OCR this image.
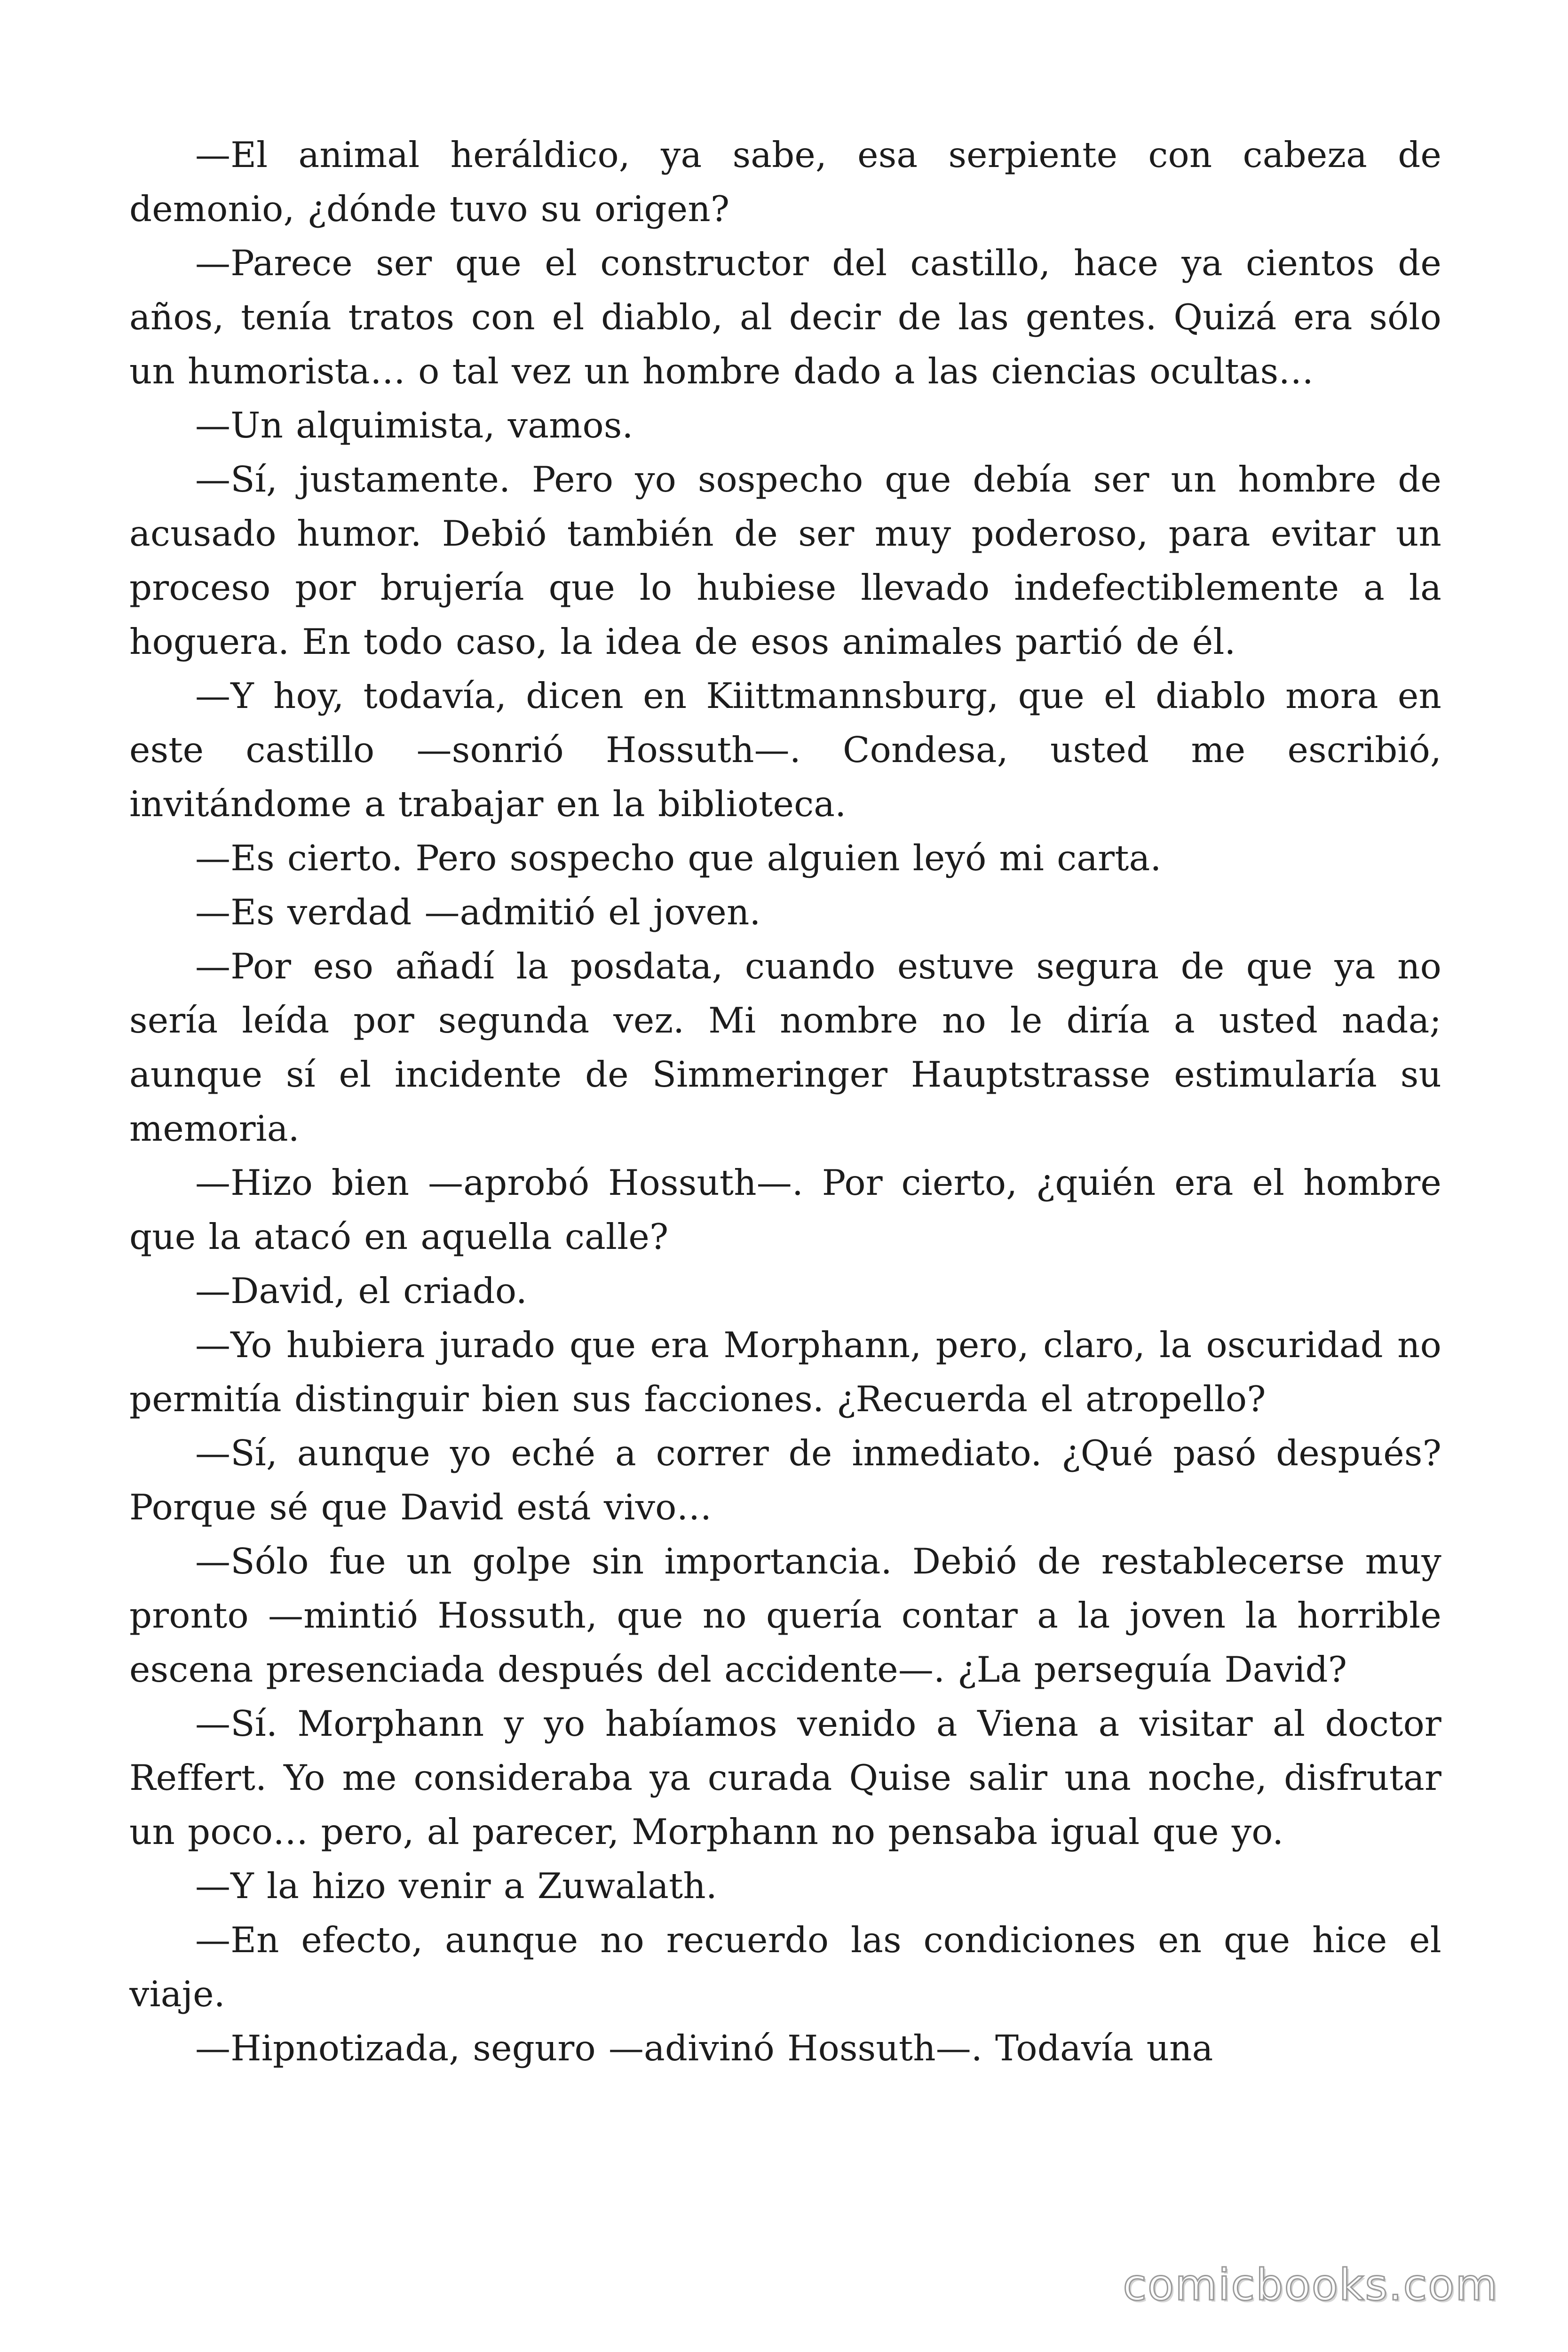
—El animal heráldico, ya sabe, esa serpiente con cabeza de demonio, ¿dónde tuvo su origen?

—Parece ser que el constructor del castillo, hace ya cientos de años, tenía tratos con el diablo, al decir de las gentes. Quizá era sólo un humorista… o tal vez un hombre dado a las ciencias ocultas…

—Un alquimista, vamos.

—Sí, justamente. Pero yo sospecho que debía ser un hombre de acusado humor. Debió también de ser muy poderoso, para evitar un proceso por brujería que lo hubiese llevado indefectiblemente a la hoguera. En todo caso, la idea de esos animales partió de él.

—Y hoy, todavía, dicen en Kiittmannsburg, que el diablo mora en este castillo —sonrió Hossuth—. Condesa, usted me escribió, invitándome a trabajar en la biblioteca.

—Es cierto. Pero sospecho que alguien leyó mi carta.

—Es verdad —admitió el joven.

—Por eso añadí la posdata, cuando estuve segura de que ya no sería leída por segunda vez. Mi nombre no le diría a usted nada; aunque sí el incidente de Simmeringer Hauptstrasse estimularía su memoria.

—Hizo bien —aprobó Hossuth—. Por cierto, ¿quién era el hombre que la atacó en aquella calle?

—David, el criado.

—Yo hubiera jurado que era Morphann, pero, claro, la oscuridad no permitía distinguir bien sus facciones. ¿Recuerda el atropello?

—Sí, aunque yo eché a correr de inmediato. ¿Qué pasó después? Porque sé que David está vivo…

—Sólo fue un golpe sin importancia. Debió de restablecerse muy pronto —mintió Hossuth, que no quería contar a la joven la horrible escena presenciada después del accidente—. ¿La perseguía David?

—Sí. Morphann y yo habíamos venido a Viena a visitar al doctor Reffert. Yo me consideraba ya curada Quise salir una noche, disfrutar un poco… pero, al parecer, Morphann no pensaba igual que yo.

—Y la hizo venir a Zuwalath.

—En efecto, aunque no recuerdo las condiciones en que hice el viaje.

—Hipnotizada, seguro —adivinó Hossuth—. Todavía una

comicbooks.com
